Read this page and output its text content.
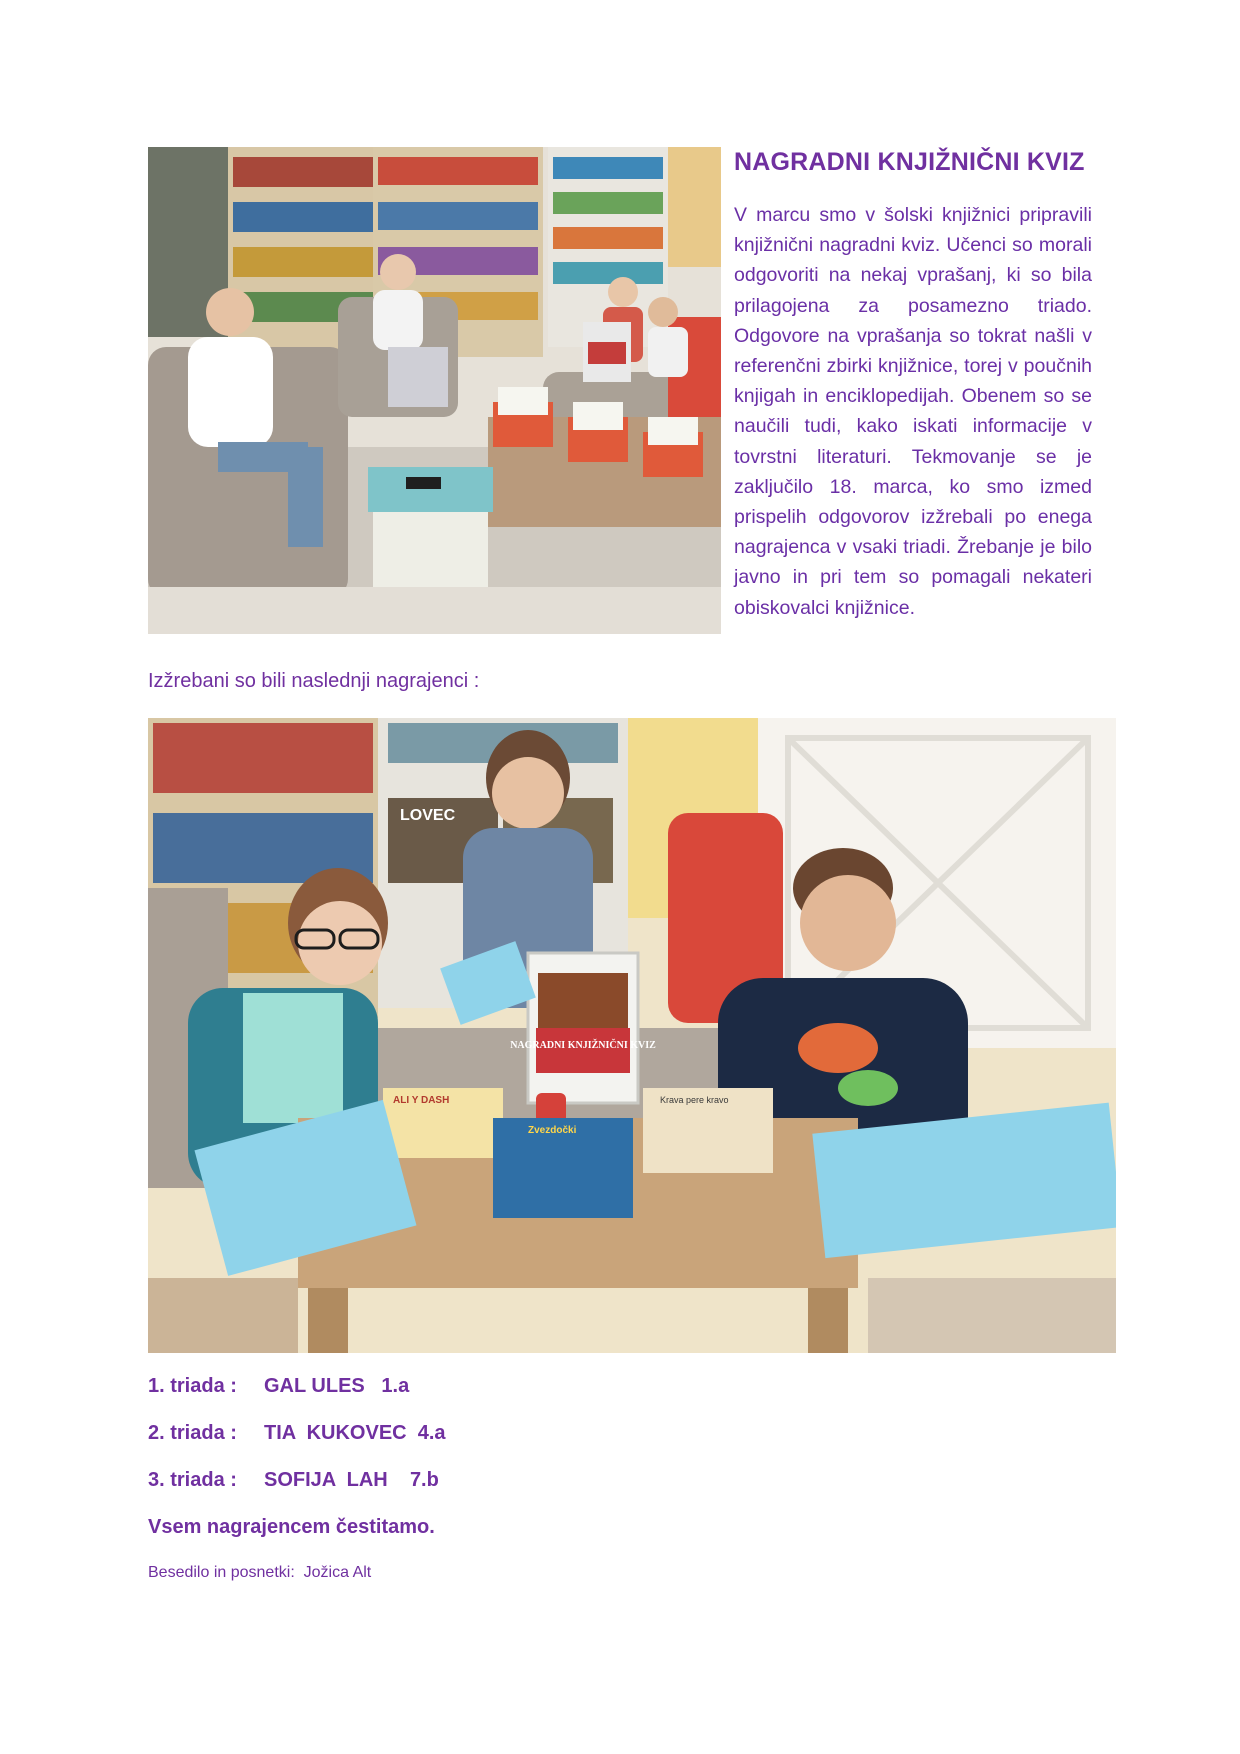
NAGRADNI KNJIŽNIČNI KVIZ

V marcu smo v šolski knjižnici pripravili knjižnični nagradni kviz. Učenci so morali odgovoriti na nekaj vprašanj, ki so bila prilagojena za posamezno triado. Odgovore na vprašanja so tokrat našli v referenčni zbirki knjižnice, torej v poučnih knjigah in enciklopedijah. Obenem so se naučili tudi, kako iskati informacije v tovrstni literaturi. Tekmovanje se je zaključilo 18. marca, ko smo izmed prispelih odgovorov izžrebali po enega nagrajenca v vsaki triadi. Žrebanje je bilo javno in pri tem so pomagali nekateri obiskovalci knjižnice.

Izžrebani so bili naslednji nagrajenci :

LOVEC
NAGRADNI KNJIŽNIČNI KVIZ
ALI Y DASH
Zvezdočki
Krava pere kravo

1. triada : GAL ULES   1.a

2. triada : TIA  KUKOVEC  4.a

3. triada : SOFIJA  LAH    7.b

Vsem nagrajencem čestitamo.

Besedilo in posnetki:  Jožica Alt
